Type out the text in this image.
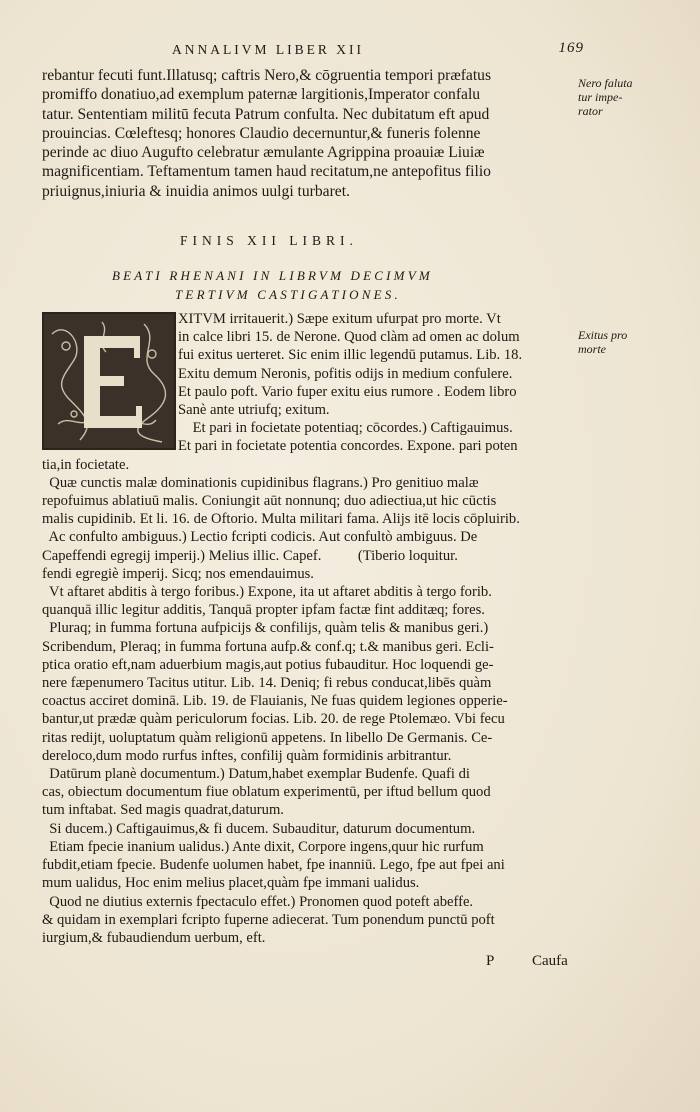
ANNALIVM LIBER XII	169
rebantur fecuti funt.Illatusq; caftris Nero,& cōgruentia tempori præfatus
promiffo donatiuo,ad exemplum paternæ largitionis,Imperator confalu
tatur. Sententiam militū fecuta Patrum confulta. Nec dubitatum eft apud
prouincias. Cœleftesq; honores Claudio decernuntur,& funeris folenne
perinde ac diuo Augufto celebratur æmulante Agrippina proauiæ Liuiæ
magnificentiam. Teftamentum tamen haud recitatum,ne antepofitus filio
priuignus,iniuria & inuidia animos uulgi turbaret.
Nero faluta
tur impe-
rator
FINIS XII LIBRI.
BEATI RHENANI IN LIBRVM DECIMVM
TERTIVM CASTIGATIONES.
XITVM irritauerit.) Sæpe exitum ufurpat pro morte. Vt
in calce libri 15. de Nerone. Quod clàm ad omen ac dolum
fui exitus uerteret. Sic enim illic legendū putamus. Lib. 18.
Exitu demum Neronis, pofitis odijs in medium confulere.
Et paulo poft. Vario fuper exitu eius rumore . Eodem libro
Sanè ante utriufq; exitum.
Et pari in focietate potentiaq; cōcordes.) Caftigauimus.
Et pari in focietate potentia concordes. Expone. pari poten
tia,in focietate.
Quæ cunctis malæ dominationis cupidinibus flagrans.) Pro genitiuo malæ
repofuimus ablatiuū malis. Coniungit aūt nonnunq; duo adiectiua,ut hic cūctis
malis cupidinib. Et li. 16. de Oftorio. Multa militari fama. Alijs itē locis cōpluirib.
Ac confulto ambiguus.) Lectio fcripti codicis. Aut confultò ambiguus. De
Capeffendi egregij imperij.) Melius illic. Capef.          (Tiberio loquitur.
fendi egregiè imperij. Sicq; nos emendauimus.
Vt aftaret abditis à tergo foribus.) Expone, ita ut aftaret abditis à tergo forib.
quanquā illic legitur additis, Tanquā propter ipfam factæ fint additæq; fores.
Pluraq; in fumma fortuna aufpicijs & confilijs, quàm telis & manibus geri.)
Scribendum, Pleraq; in fumma fortuna aufp.& conf.q; t.& manibus geri. Ecli-
ptica oratio eft,nam aduerbium magis,aut potius fubauditur. Hoc loquendi ge-
nere fæpenumero Tacitus utitur. Lib. 14. Deniq; fi rebus conducat,libēs quàm
coactus acciret dominā. Lib. 19. de Flauianis, Ne fuas quidem legiones opperie-
bantur,ut prædæ quàm periculorum focias. Lib. 20. de rege Ptolemæo. Vbi fecu
ritas redijt, uoluptatum quàm religionū appetens. In libello De Germanis. Ce-
dereloco,dum modo rurfus inftes, confilij quàm formidinis arbitrantur.
Datūrum planè documentum.) Datum,habet exemplar Budenfe. Quafi di
cas, obiectum documentum fiue oblatum experimentū, per iftud bellum quod
tum inftabat. Sed magis quadrat,daturum.
Si ducem.) Caftigauimus,& fi ducem. Subauditur, daturum documentum.
Etiam fpecie inanium ualidus.) Ante dixit, Corpore ingens,quur hic rurfum
fubdit,etiam fpecie. Budenfe uolumen habet, fpe inanniū. Lego, fpe aut fpei ani
mum ualidus, Hoc enim melius placet,quàm fpe immani ualidus.
Quod ne diutius externis fpectaculo effet.) Pronomen quod poteft abeffe.
& quidam in exemplari fcripto fuperne adiecerat. Tum ponendum punctū poft
iurgium,& fubaudiendum uerbum, eft.
Exitus pro
morte
P	Caufa
